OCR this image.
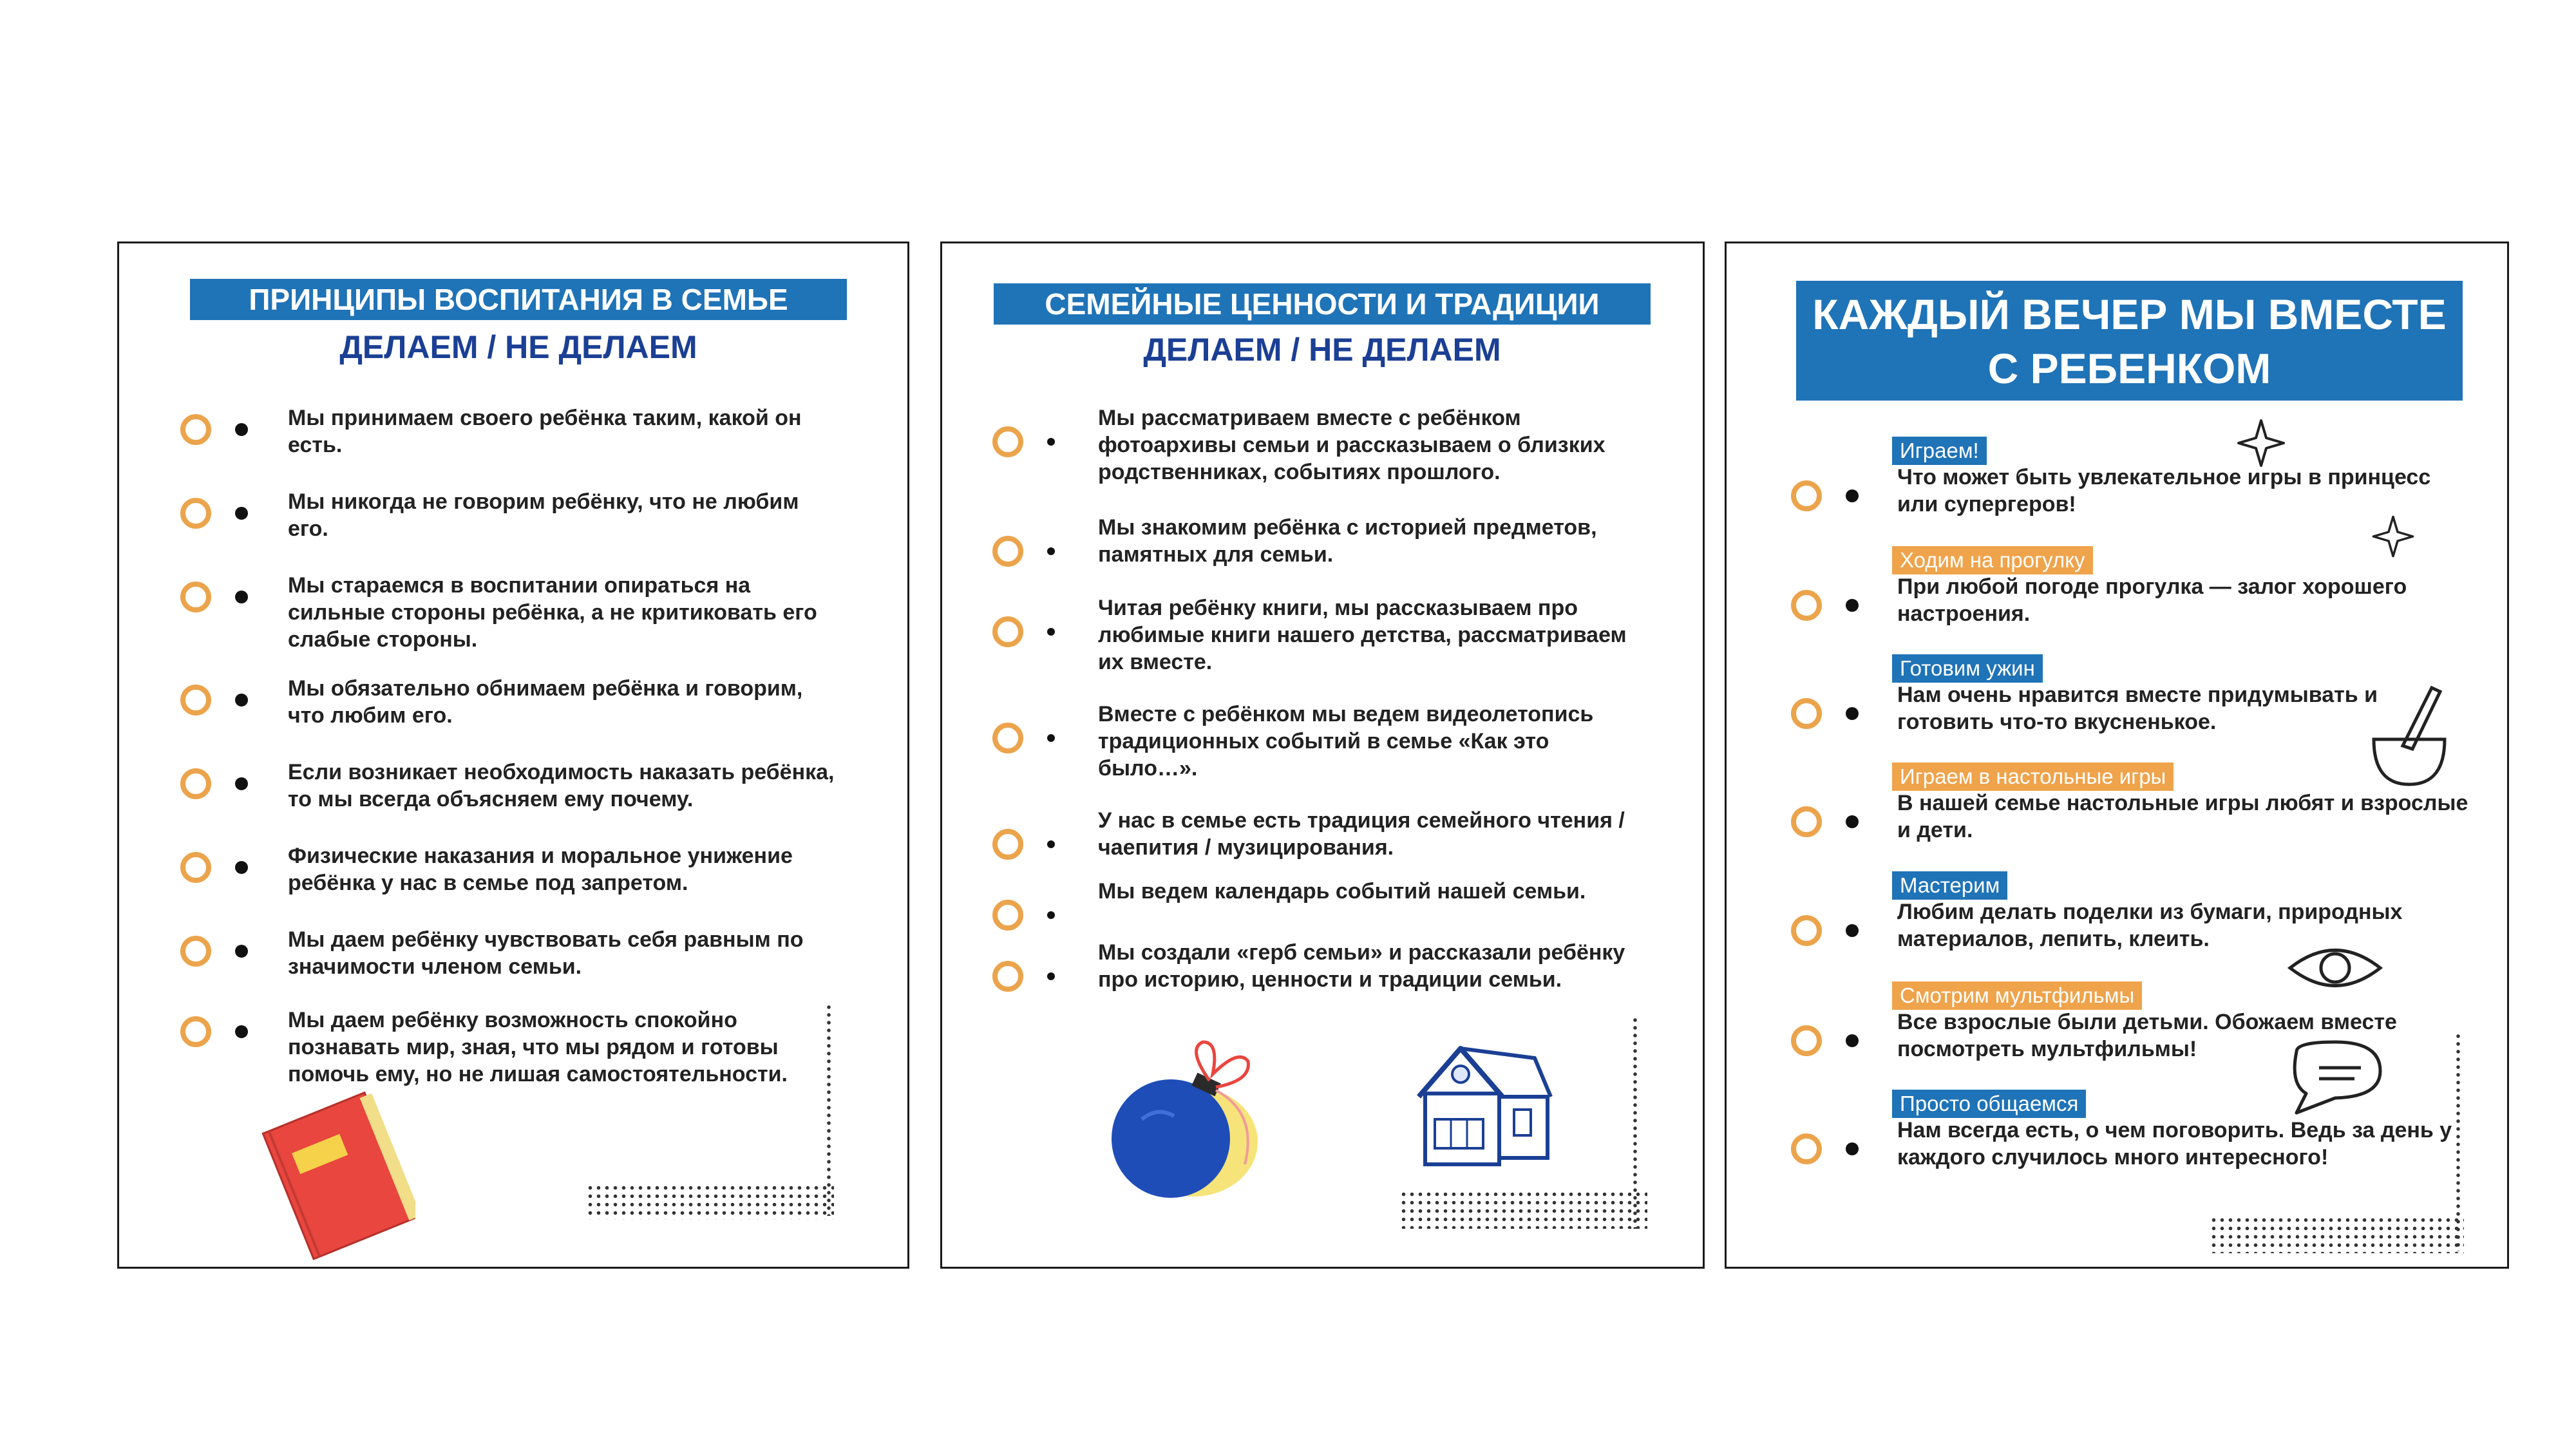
ПРИНЦИПЫ ВОСПИТАНИЯ В СЕМЬЕ
ДЕЛАЕМ / НЕ ДЕЛАЕМ
Мы принимаем своего ребёнка таким, какой он есть.
Мы никогда не говорим ребёнку, что не любим его.
Мы стараемся в воспитании опираться на сильные стороны ребёнка, а не критиковать его слабые стороны.
Мы обязательно обнимаем ребёнка и говорим, что любим его.
Если возникает необходимость наказать ребёнка, то мы всегда объясняем ему почему.
Физические наказания и моральное унижение ребёнка у нас в семье под запретом.
Мы даем ребёнку чувствовать себя равным по значимости членом семьи.
Мы даем ребёнку возможность спокойно познавать мир, зная, что мы рядом и готовы помочь ему, но не лишая самостоятельности.
СЕМЕЙНЫЕ ЦЕННОСТИ И ТРАДИЦИИ
ДЕЛАЕМ / НЕ ДЕЛАЕМ
Мы рассматриваем вместе с ребёнком фотоархивы семьи и рассказываем о близких родственниках, событиях прошлого.
Мы знакомим ребёнка с историей предметов, памятных для семьи.
Читая ребёнку книги, мы рассказываем про любимые книги нашего детства, рассматриваем их вместе.
Вместе с ребёнком мы ведем видеолетопись традиционных событий в семье «Как это было…».
У нас в семье есть традиция семейного чтения / чаепития / музицирования.
Мы ведем календарь событий нашей семьи.
Мы создали «герб семьи» и рассказали ребёнку про историю, ценности и традиции семьи.
КАЖДЫЙ ВЕЧЕР МЫ ВМЕСТЕ
С РЕБЕНКОМ
Играем!
Что может быть увлекательное игры в принцесс или супергеров!
Ходим на прогулку
При любой погоде прогулка — залог хорошего настроения.
Готовим ужин
Нам очень нравится вместе придумывать и готовить что-то вкусненькое.
Играем в настольные игры
В нашей семье настольные игры любят и взрослые и дети.
Мастерим
Любим делать поделки из бумаги, природных материалов, лепить, клеить.
Смотрим мультфильмы
Все взрослые были детьми. Обожаем вместе посмотреть мультфильмы!
Просто общаемся
Нам всегда есть, о чем поговорить. Ведь за день у каждого случилось много интересного!
